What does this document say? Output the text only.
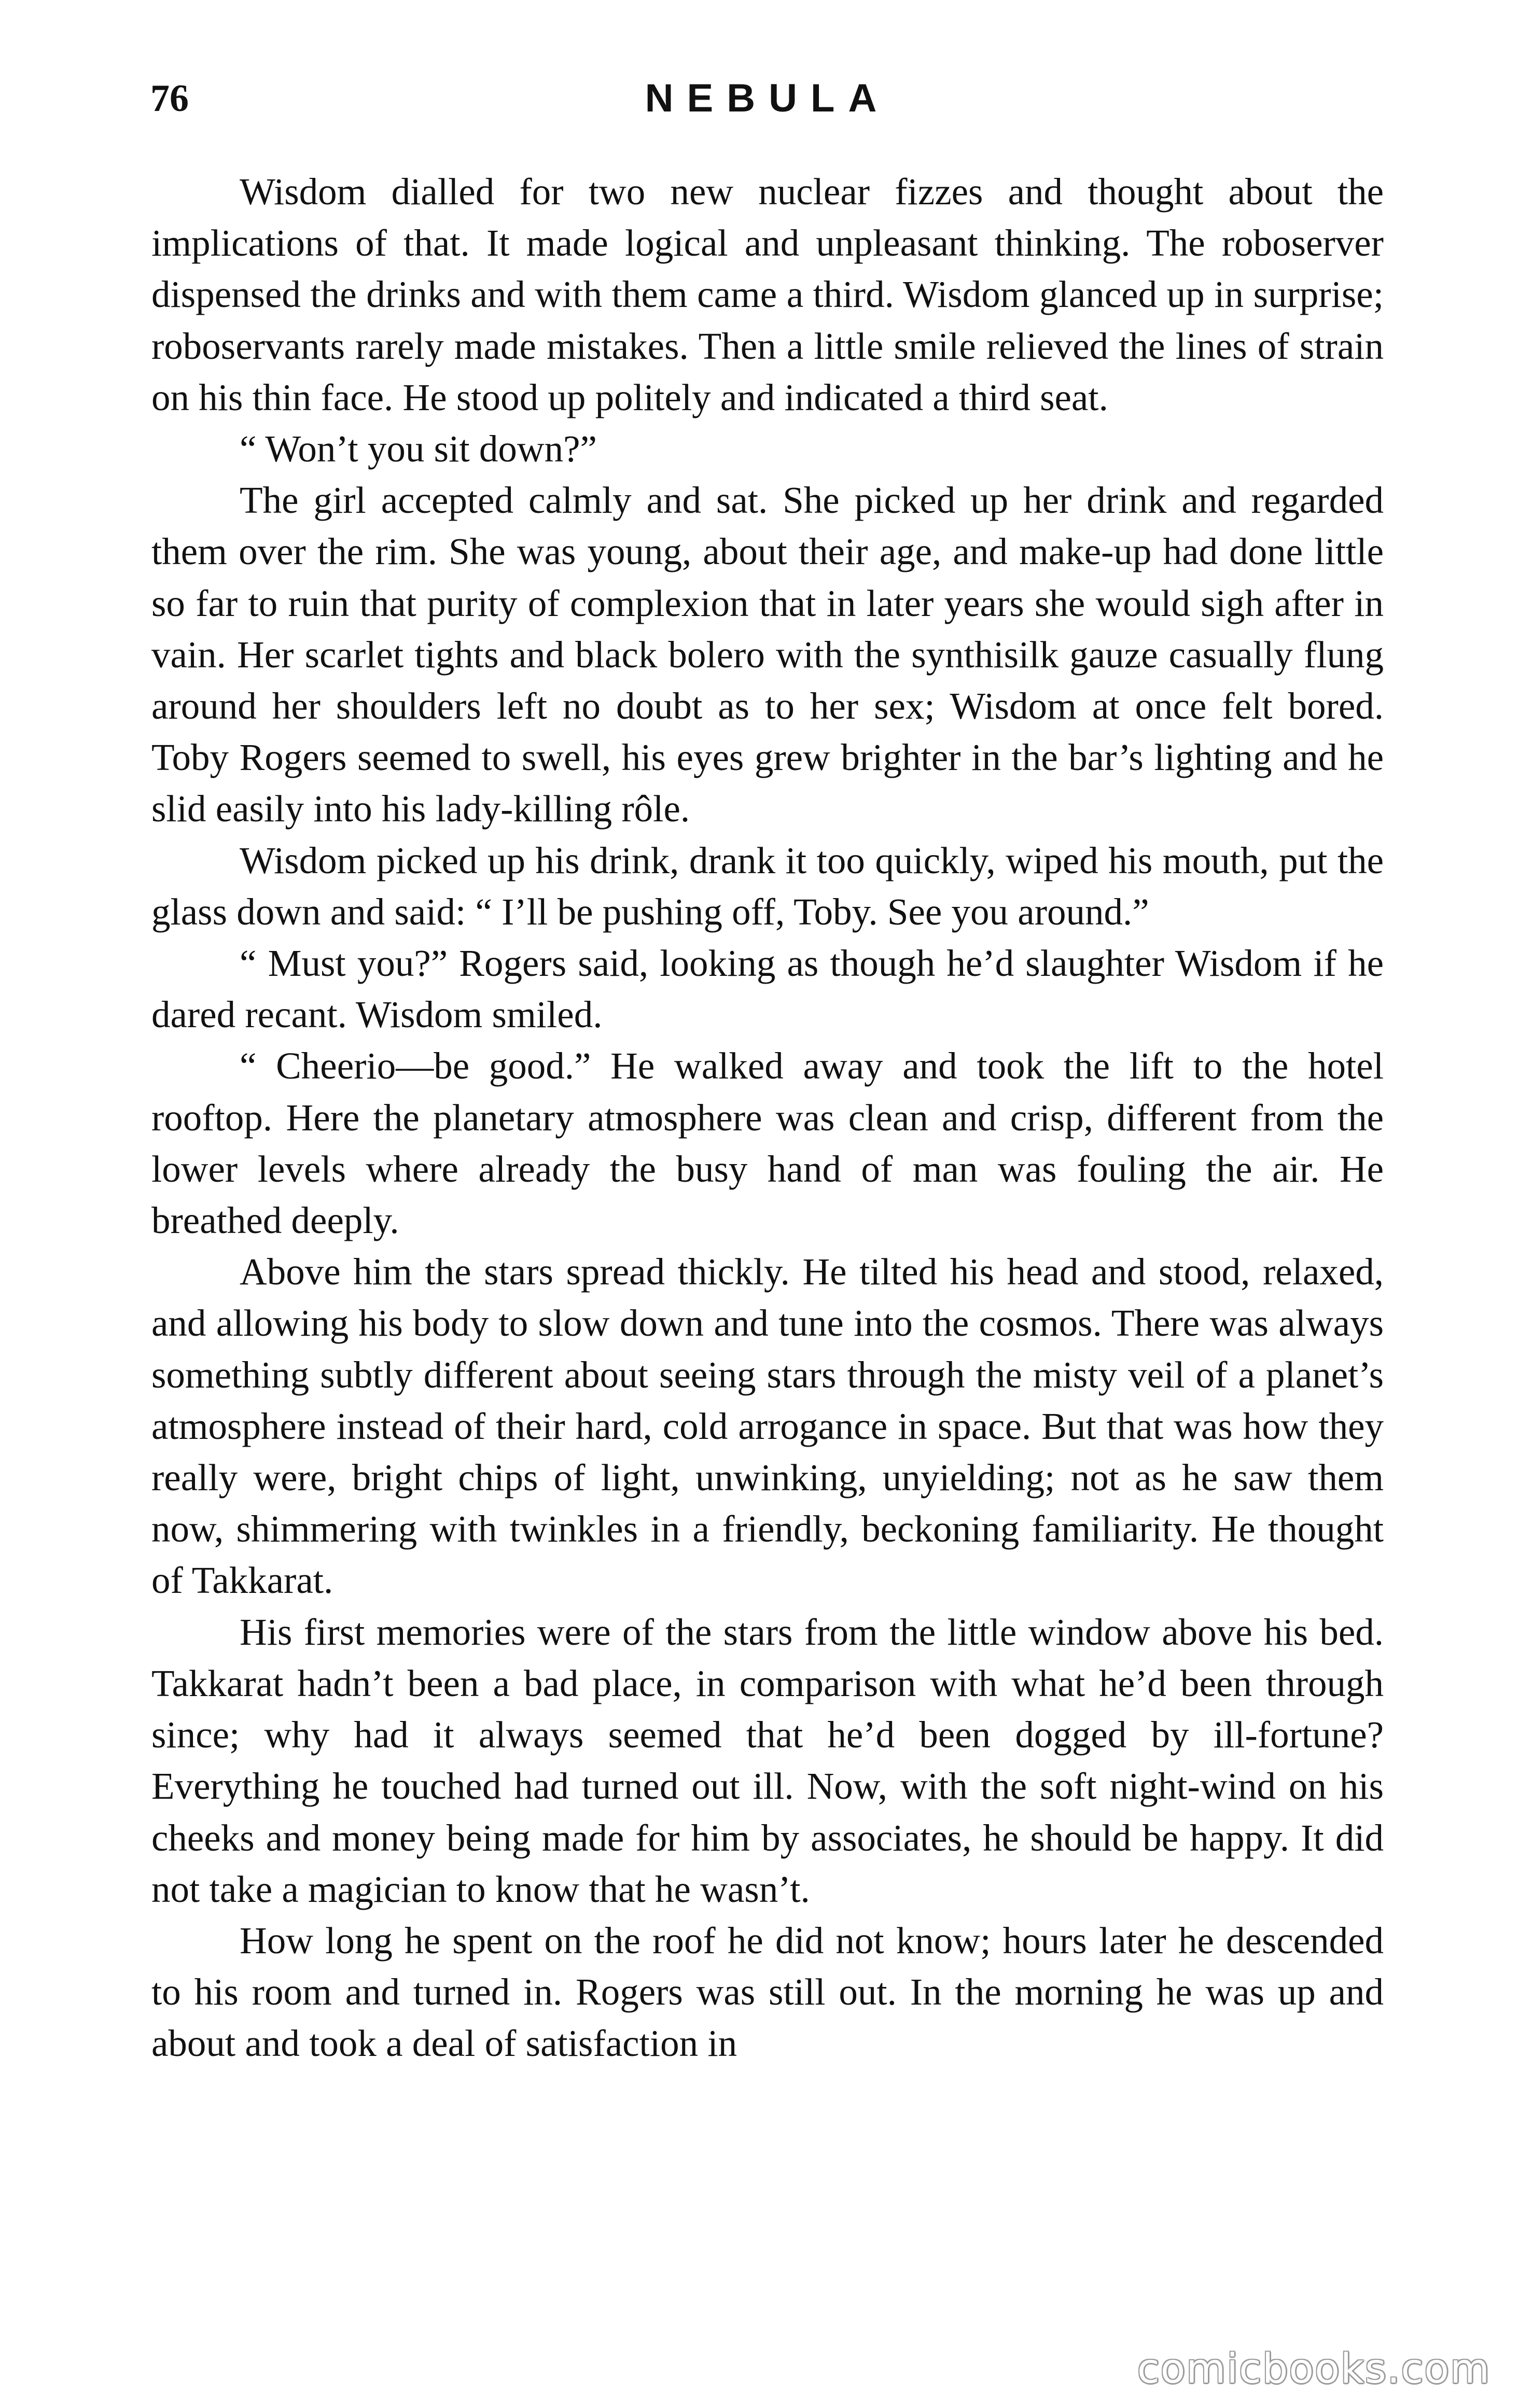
76	NEBULA

Wisdom dialled for two new nuclear fizzes and thought about the implications of that. It made logical and unpleasant thinking. The roboserver dispensed the drinks and with them came a third. Wisdom glanced up in surprise; roboservants rarely made mistakes. Then a little smile relieved the lines of strain on his thin face. He stood up politely and indicated a third seat.

“ Won’t you sit down?”

The girl accepted calmly and sat. She picked up her drink and regarded them over the rim. She was young, about their age, and make-up had done little so far to ruin that purity of complexion that in later years she would sigh after in vain. Her scarlet tights and black bolero with the synthisilk gauze casually flung around her shoulders left no doubt as to her sex; Wisdom at once felt bored. Toby Rogers seemed to swell, his eyes grew brighter in the bar’s lighting and he slid easily into his lady-killing rôle.

Wisdom picked up his drink, drank it too quickly, wiped his mouth, put the glass down and said: “ I’ll be pushing off, Toby. See you around.”

“ Must you?” Rogers said, looking as though he’d slaughter Wisdom if he dared recant. Wisdom smiled.

“ Cheerio—be good.” He walked away and took the lift to the hotel rooftop. Here the planetary atmosphere was clean and crisp, different from the lower levels where already the busy hand of man was fouling the air. He breathed deeply.

Above him the stars spread thickly. He tilted his head and stood, relaxed, and allowing his body to slow down and tune into the cosmos. There was always something subtly different about seeing stars through the misty veil of a planet’s atmosphere instead of their hard, cold arrogance in space. But that was how they really were, bright chips of light, unwinking, unyielding; not as he saw them now, shimmering with twinkles in a friendly, beckoning familiarity. He thought of Takkarat.

His first memories were of the stars from the little window above his bed. Takkarat hadn’t been a bad place, in comparison with what he’d been through since; why had it always seemed that he’d been dogged by ill-fortune? Everything he touched had turned out ill. Now, with the soft night-wind on his cheeks and money being made for him by associates, he should be happy. It did not take a magician to know that he wasn’t.

How long he spent on the roof he did not know; hours later he descended to his room and turned in. Rogers was still out. In the morning he was up and about and took a deal of satisfaction in

comicbooks.com
